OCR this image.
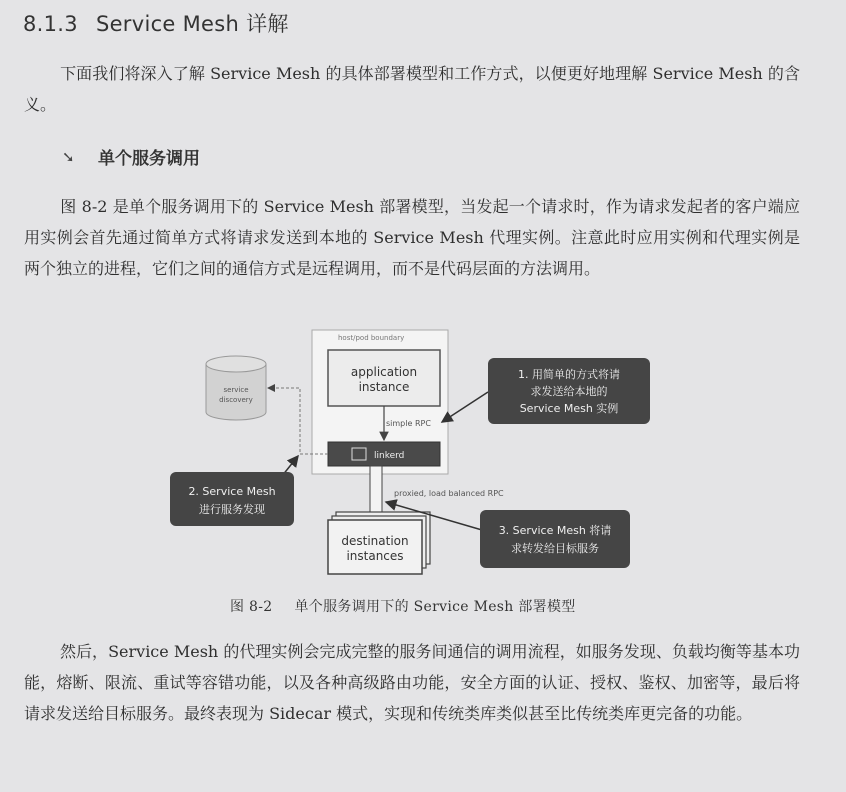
8.1.3 Service Mesh 详解

下面我们将深入了解 Service Mesh 的具体部署模型和工作方式，以便更好地理解 Service Mesh 的含义。

➘ 单个服务调用

图 8-2 是单个服务调用下的 Service Mesh 部署模型，当发起一个请求时，作为请求发起者的客户端应用实例会首先通过简单方式将请求发送到本地的 Service Mesh 代理实例。注意此时应用实例和代理实例是两个独立的进程，它们之间的通信方式是远程调用，而不是代码层面的方法调用。

host/pod boundary
application
instance
simple RPC
linkerd
service
discovery
proxied, load balanced RPC
destination
instances
1. 用简单的方式将请
求发送给本地的
Service Mesh 实例
2. Service Mesh
进行服务发现
3. Service Mesh 将请
求转发给目标服务
图 8-2 单个服务调用下的 Service Mesh 部署模型

然后，Service Mesh 的代理实例会完成完整的服务间通信的调用流程，如服务发现、负载均衡等基本功能，熔断、限流、重试等容错功能，以及各种高级路由功能，安全方面的认证、授权、鉴权、加密等，最后将请求发送给目标服务。最终表现为 Sidecar 模式，实现和传统类库类似甚至比传统类库更完备的功能。
